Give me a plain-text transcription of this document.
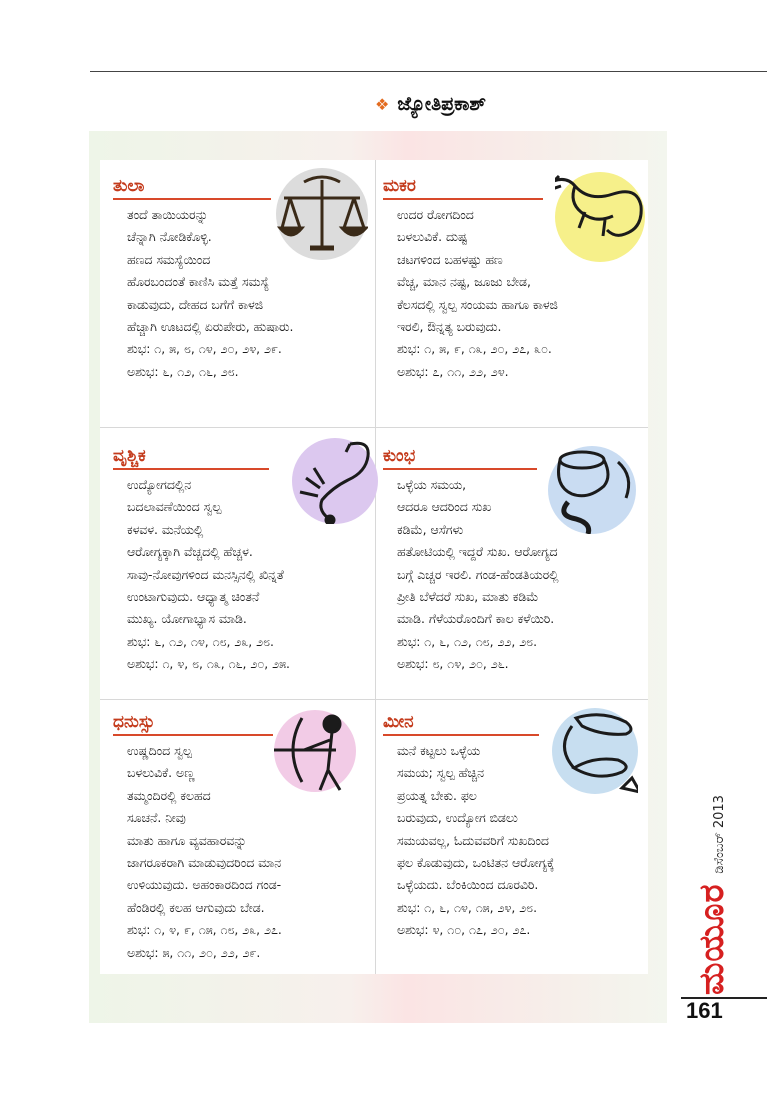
❖ ಜ್ಯೋತಿಪ್ರಕಾಶ್
ತುಲಾ
ತಂದೆ ತಾಯಿಯರನ್ನು
ಚೆನ್ನಾಗಿ ನೋಡಿಕೊಳ್ಳಿ.
ಹಣದ ಸಮಸ್ಯೆಯಿಂದ
ಹೊರಬಂದಂತೆ ಕಾಣಿಸಿ ಮತ್ತೆ ಸಮಸ್ಯೆ
ಕಾಡುವುದು, ದೇಹದ ಬಗೆಗೆ ಕಾಳಜಿ
ಹೆಚ್ಚಾಗಿ ಊಟದಲ್ಲಿ ಏರುಪೇರು, ಹುಷಾರು.
ಶುಭ: ೧, ೫, ೮, ೧೪, ೨೦, ೨೪, ೨೯.
ಅಶುಭ: ೬, ೧೨, ೧೬, ೨೮.
ಮಕರ
ಉದರ ರೋಗದಿಂದ
ಬಳಲುವಿಕೆ. ದುಷ್ಟ
ಚಟಗಳಿಂದ ಬಹಳಷ್ಟು ಹಣ
ವೆಚ್ಚ, ಮಾನ ನಷ್ಟ, ಜೂಜು ಬೇಡ,
ಕೆಲಸದಲ್ಲಿ ಸ್ವಲ್ಪ ಸಂಯಮ ಹಾಗೂ ಕಾಳಜಿ
ಇರಲಿ, ಔನ್ನತ್ಯ ಬರುವುದು.
ಶುಭ: ೧, ೫, ೯, ೧೩, ೨೦, ೨೭, ೩೦.
ಅಶುಭ: ೭, ೧೧, ೨೨, ೨೪.
ವೃಶ್ಚಿಕ
ಉದ್ಯೋಗದಲ್ಲಿನ
ಬದಲಾವಣೆಯಿಂದ ಸ್ವಲ್ಪ
ಕಳವಳ. ಮನೆಯಲ್ಲಿ
ಆರೋಗ್ಯಕ್ಕಾಗಿ ವೆಚ್ಚದಲ್ಲಿ ಹೆಚ್ಚಳ.
ಸಾವು-ನೋವುಗಳಿಂದ ಮನಸ್ಸಿನಲ್ಲಿ ಖಿನ್ನತೆ
ಉಂಟಾಗುವುದು. ಆಧ್ಯಾತ್ಮ ಚಿಂತನೆ
ಮುಖ್ಯ. ಯೋಗಾಭ್ಯಾಸ ಮಾಡಿ.
ಶುಭ: ೬, ೧೨, ೧೪, ೧೮, ೨೩, ೨೮.
ಅಶುಭ: ೧, ೪, ೮, ೧೩, ೧೬, ೨೦, ೨೫.
ಕುಂಭ
ಒಳ್ಳೆಯ ಸಮಯ,
ಆದರೂ ಆದರಿಂದ ಸುಖ
ಕಡಿಮೆ, ಆಸೆಗಳು
ಹತೋಟಿಯಲ್ಲಿ ಇದ್ದರೆ ಸುಖ. ಆರೋಗ್ಯದ
ಬಗ್ಗೆ ಎಚ್ಚರ ಇರಲಿ. ಗಂಡ-ಹೆಂಡತಿಯರಲ್ಲಿ
ಪ್ರೀತಿ ಬೆಳೆದರೆ ಸುಖ, ಮಾತು ಕಡಿಮೆ
ಮಾಡಿ. ಗೆಳೆಯರೊಂದಿಗೆ ಕಾಲ ಕಳೆಯಿರಿ.
ಶುಭ: ೧, ೬, ೧೨, ೧೮, ೨೨, ೨೮.
ಅಶುಭ: ೮, ೧೪, ೨೦, ೨೬.
ಧನುಸ್ಸು
ಉಷ್ಣದಿಂದ ಸ್ವಲ್ಪ
ಬಳಲುವಿಕೆ. ಅಣ್ಣ
ತಮ್ಮಂದಿರಲ್ಲಿ ಕಲಹದ
ಸೂಚನೆ. ನೀವು
ಮಾತು ಹಾಗೂ ವ್ಯವಹಾರವನ್ನು
ಜಾಗರೂಕರಾಗಿ ಮಾಡುವುದರಿಂದ ಮಾನ
ಉಳಿಯುವುದು. ಅಹಂಕಾರದಿಂದ ಗಂಡ-
ಹೆಂಡಿರಲ್ಲಿ ಕಲಹ ಆಗುವುದು ಬೇಡ.
ಶುಭ: ೧, ೪, ೯, ೧೫, ೧೮, ೨೩, ೨೭.
ಅಶುಭ: ೫, ೧೧, ೨೦, ೨೨, ೨೯.
ಮೀನ
ಮನೆ ಕಟ್ಟಲು ಒಳ್ಳೆಯ
ಸಮಯ; ಸ್ವಲ್ಪ ಹೆಚ್ಚಿನ
ಪ್ರಯತ್ನ ಬೇಕು. ಫಲ
ಬರುವುದು, ಉದ್ಯೋಗ ಬಿಡಲು
ಸಮಯವಲ್ಲ, ಓದುವವರಿಗೆ ಸುಖದಿಂದ
ಫಲ ಕೊಡುವುದು, ಒಂಟಿತನ ಆರೋಗ್ಯಕ್ಕೆ
ಒಳ್ಳೆಯದು. ಬೆಂಕಿಯಿಂದ ದೂರವಿರಿ.
ಶುಭ: ೧, ೬, ೧೪, ೧೫, ೨೪, ೨೮.
ಅಶುಭ: ೪, ೧೦, ೧೭, ೨೦, ೨೭.	ಮಯೂರ
ಡಿಸೆಂಬರ್ 2013
161
